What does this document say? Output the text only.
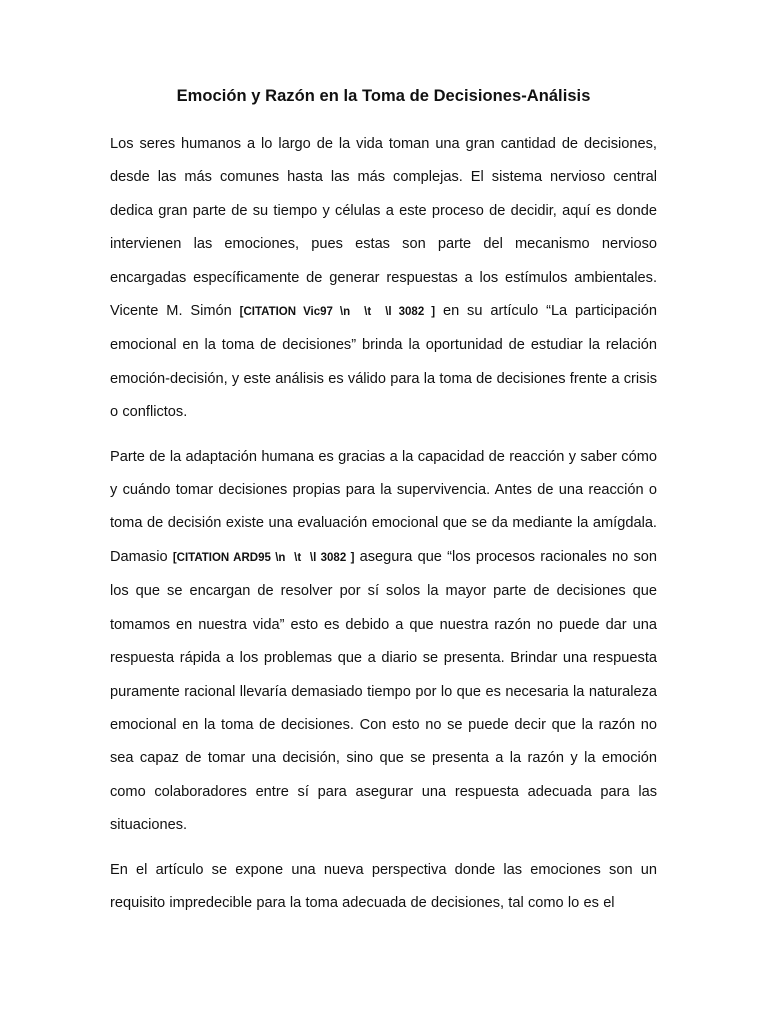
Emoción y Razón en la Toma de Decisiones-Análisis

Los seres humanos a lo largo de la vida toman una gran cantidad de decisiones, desde las más comunes hasta las más complejas. El sistema nervioso central dedica gran parte de su tiempo y células a este proceso de decidir, aquí es donde intervienen las emociones, pues estas son parte del mecanismo nervioso encargadas específicamente de generar respuestas a los estímulos ambientales. Vicente M. Simón [CITATION Vic97 \n  \t  \l 3082 ] en su artículo “La participación emocional en la toma de decisiones” brinda la oportunidad de estudiar la relación emoción-decisión, y este análisis es válido para la toma de decisiones frente a crisis o conflictos.

Parte de la adaptación humana es gracias a la capacidad de reacción y saber cómo y cuándo tomar decisiones propias para la supervivencia. Antes de una reacción o toma de decisión existe una evaluación emocional que se da mediante la amígdala. Damasio [CITATION ARD95 \n  \t  \l 3082 ] asegura que “los procesos racionales no son los que se encargan de resolver por sí solos la mayor parte de decisiones que tomamos en nuestra vida” esto es debido a que nuestra razón no puede dar una respuesta rápida a los problemas que a diario se presenta. Brindar una respuesta puramente racional llevaría demasiado tiempo por lo que es necesaria la naturaleza emocional en la toma de decisiones. Con esto no se puede decir que la razón no sea capaz de tomar una decisión, sino que se presenta a la razón y la emoción como colaboradores entre sí para asegurar una respuesta adecuada para las situaciones.

En el artículo se expone una nueva perspectiva donde las emociones son un requisito impredecible para la toma adecuada de decisiones, tal como lo es el
